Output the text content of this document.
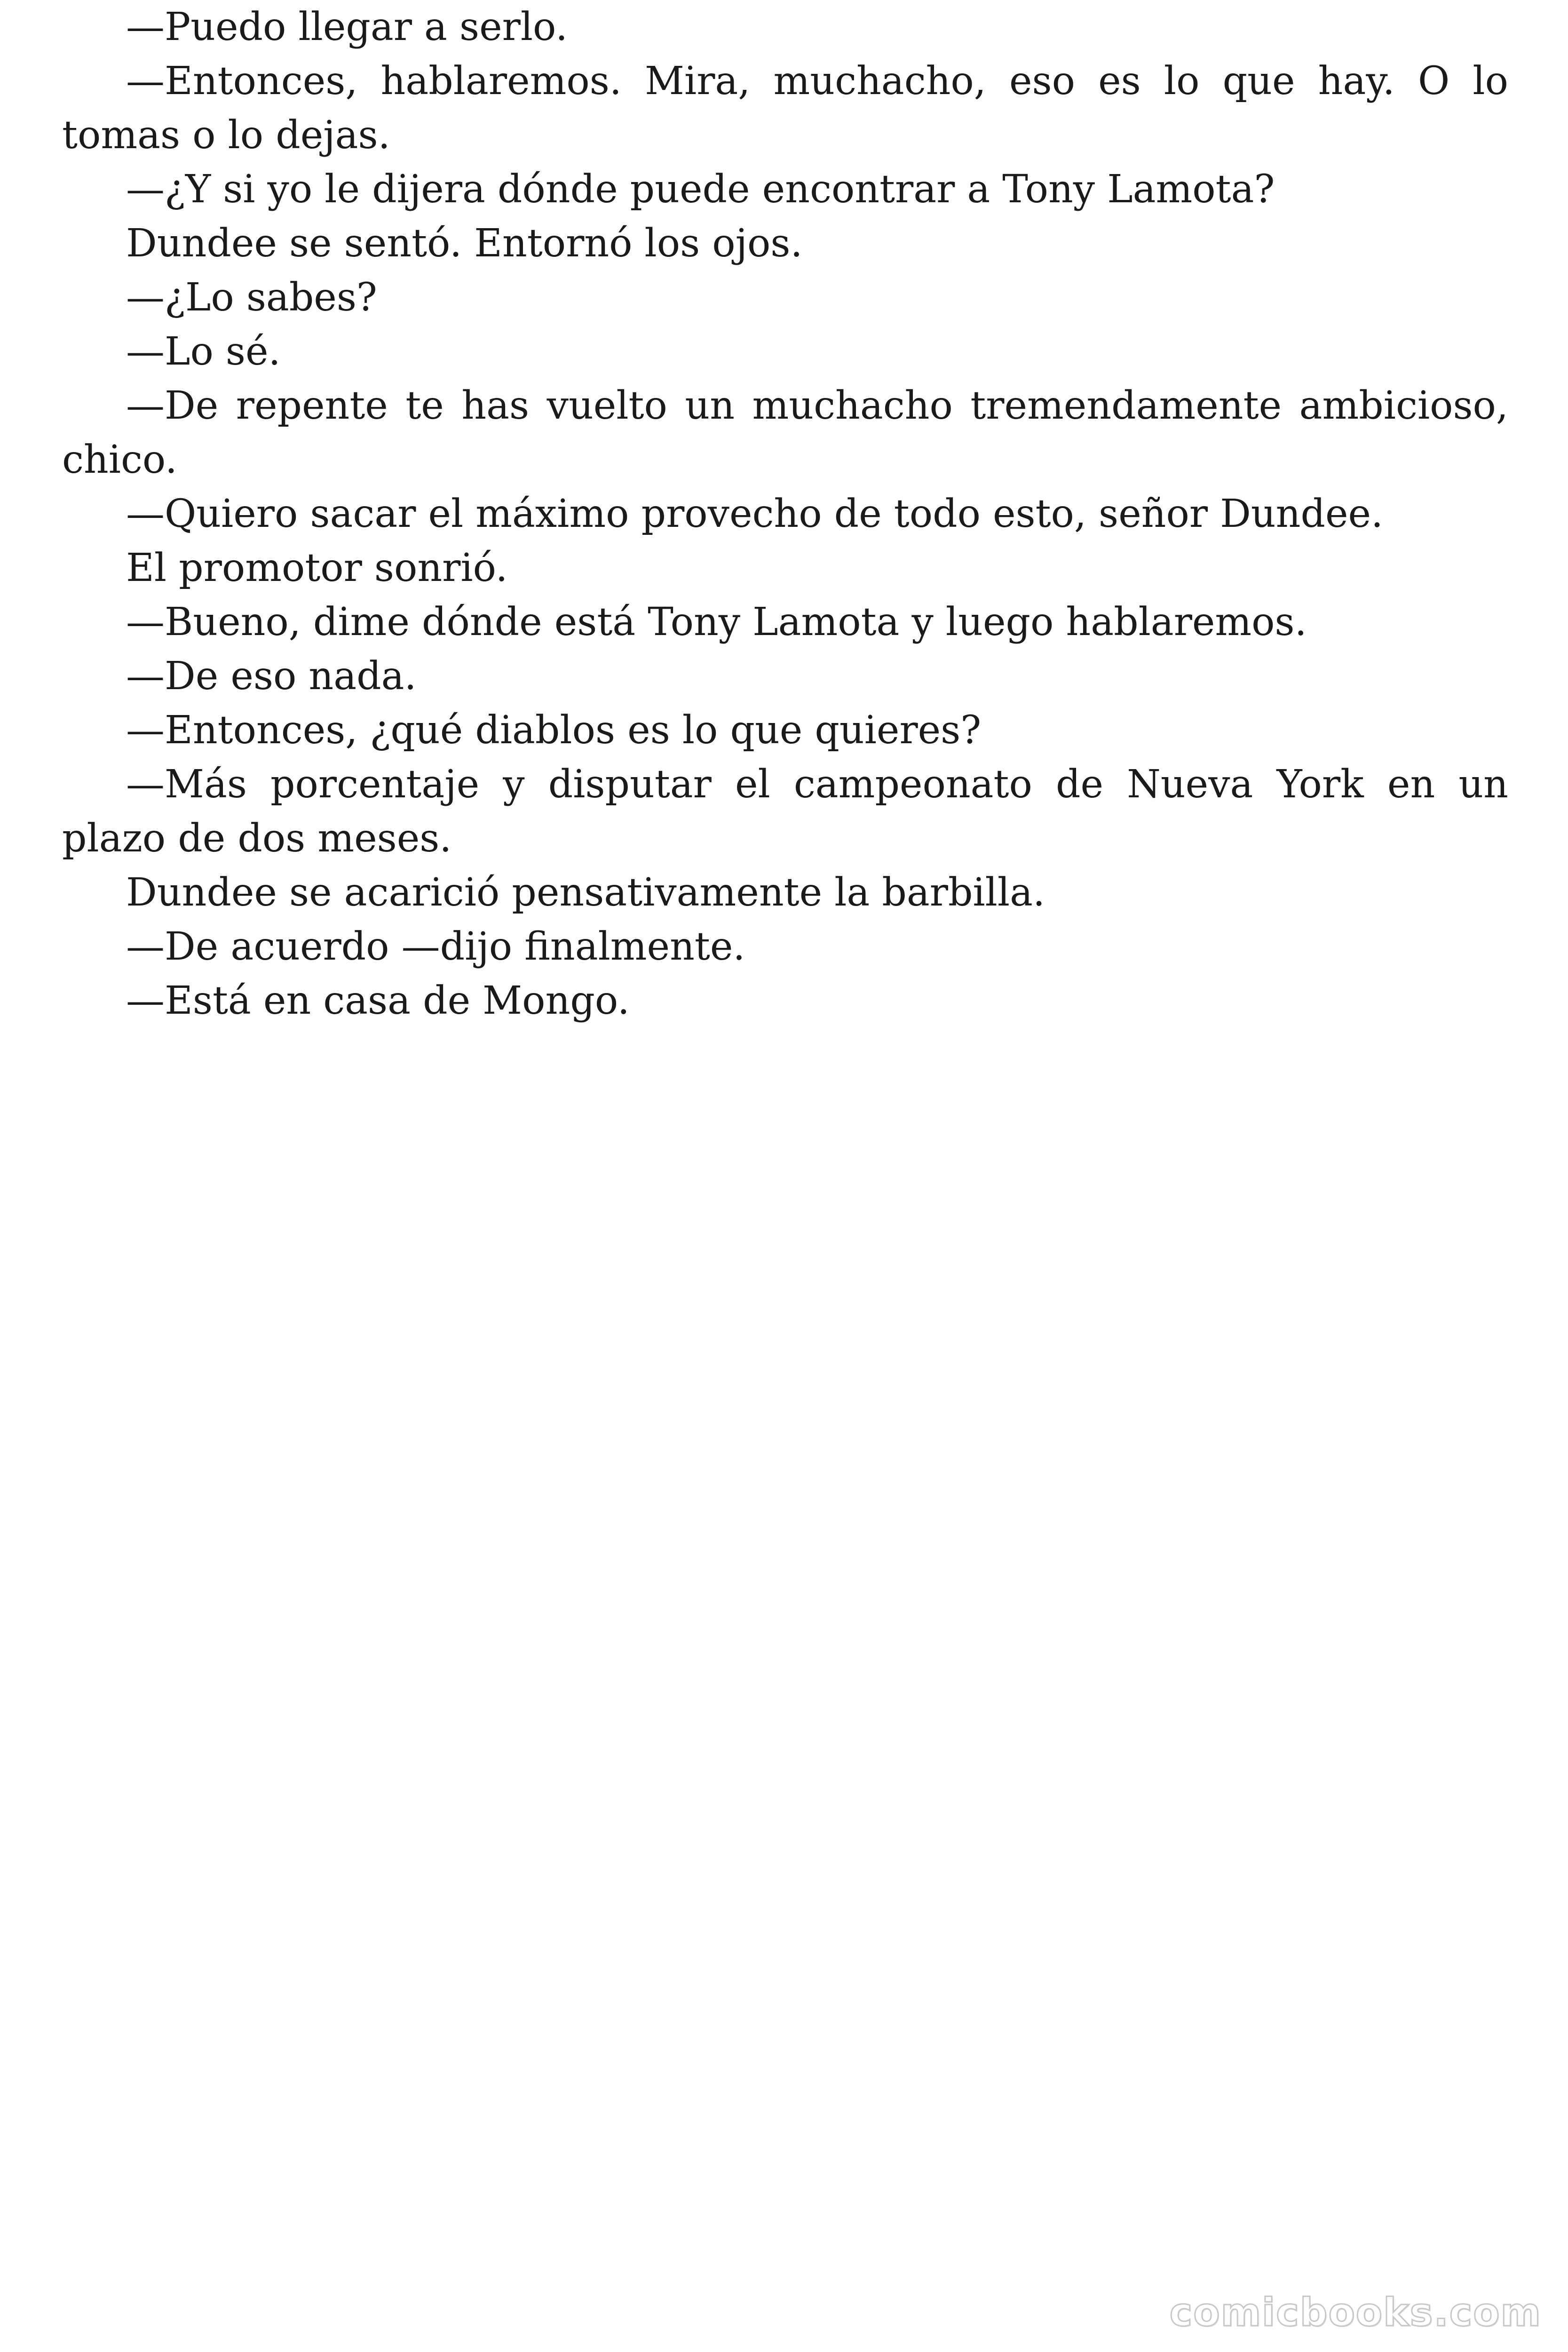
—Puedo llegar a serlo.

—Entonces, hablaremos. Mira, muchacho, eso es lo que hay. O lo tomas o lo dejas.

—¿Y si yo le dijera dónde puede encontrar a Tony Lamota?

Dundee se sentó. Entornó los ojos.

—¿Lo sabes?

—Lo sé.

—De repente te has vuelto un muchacho tremendamente ambicioso, chico.

—Quiero sacar el máximo provecho de todo esto, señor Dundee.

El promotor sonrió.

—Bueno, dime dónde está Tony Lamota y luego hablaremos.

—De eso nada.

—Entonces, ¿qué diablos es lo que quieres?

—Más porcentaje y disputar el campeonato de Nueva York en un plazo de dos meses.

Dundee se acarició pensativamente la barbilla.

—De acuerdo —dijo finalmente.

—Está en casa de Mongo.

comicbooks.com
